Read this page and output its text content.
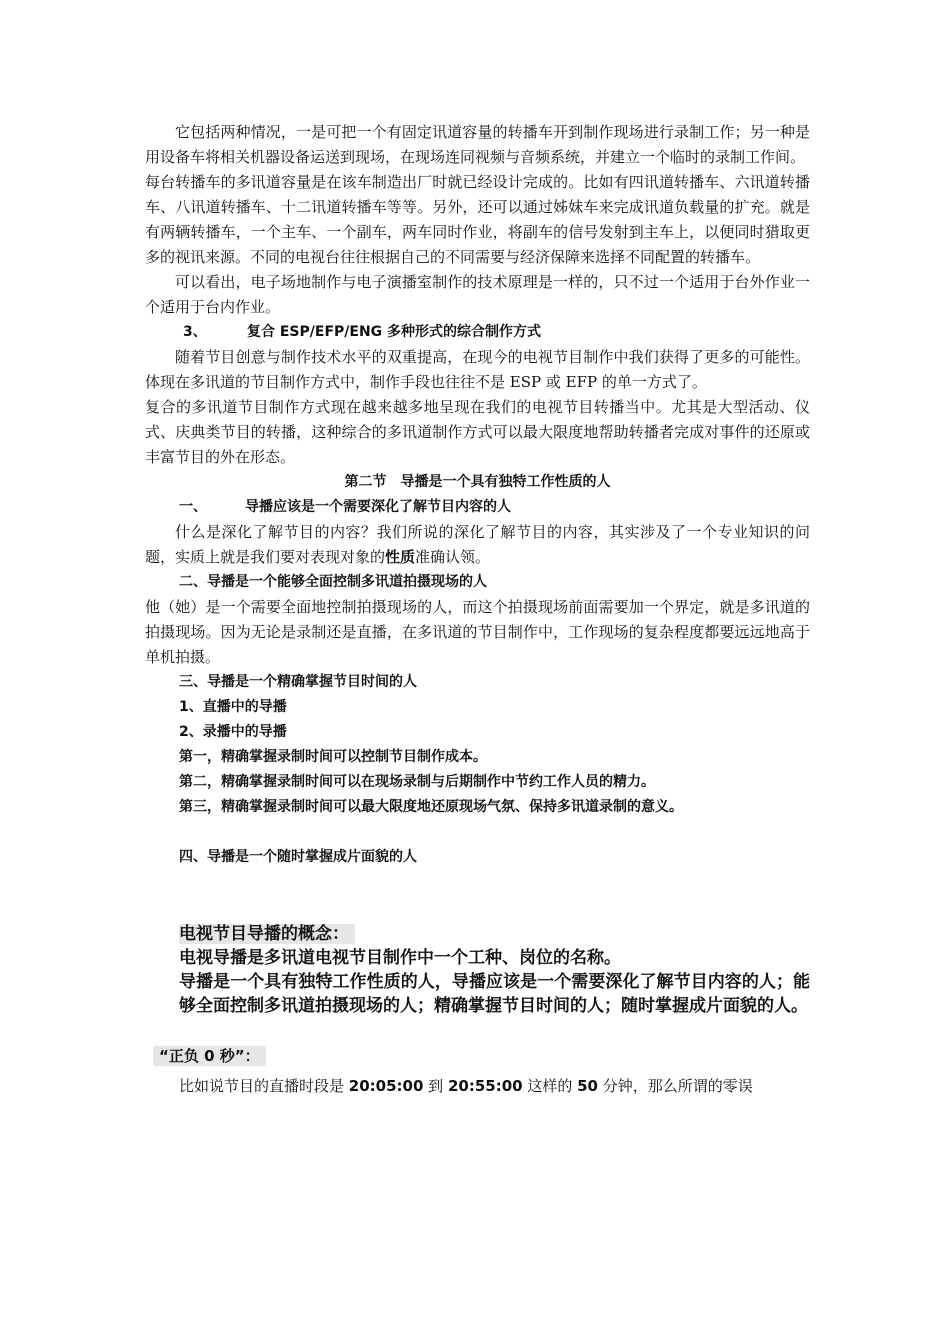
它包括两种情况，一是可把一个有固定讯道容量的转播车开到制作现场进行录制工作；另一种是用设备车将相关机器设备运送到现场，在现场连同视频与音频系统，并建立一个临时的录制工作间。

每台转播车的多讯道容量是在该车制造出厂时就已经设计完成的。比如有四讯道转播车、六讯道转播车、八讯道转播车、十二讯道转播车等等。另外，还可以通过姊妹车来完成讯道负载量的扩充。就是有两辆转播车，一个主车、一个副车，两车同时作业，将副车的信号发射到主车上，以便同时猎取更多的视讯来源。不同的电视台往往根据自己的不同需要与经济保障来选择不同配置的转播车。

可以看出，电子场地制作与电子演播室制作的技术原理是一样的，只不过一个适用于台外作业一个适用于台内作业。

3、	复合 ESP/EFP/ENG 多种形式的综合制作方式

随着节目创意与制作技术水平的双重提高，在现今的电视节目制作中我们获得了更多的可能性。体现在多讯道的节目制作方式中，制作手段也往往不是 ESP 或 EFP 的单一方式了。

复合的多讯道节目制作方式现在越来越多地呈现在我们的电视节目转播当中。尤其是大型活动、仪式、庆典类节目的转播，这种综合的多讯道制作方式可以最大限度地帮助转播者完成对事件的还原或丰富节目的外在形态。

第二节　导播是一个具有独特工作性质的人

一、	导播应该是一个需要深化了解节目内容的人

什么是深化了解节目的内容？我们所说的深化了解节目的内容，其实涉及了一个专业知识的问题，实质上就是我们要对表现对象的性质准确认领。

二、导播是一个能够全面控制多讯道拍摄现场的人

他（她）是一个需要全面地控制拍摄现场的人，而这个拍摄现场前面需要加一个界定，就是多讯道的拍摄现场。因为无论是录制还是直播，在多讯道的节目制作中，工作现场的复杂程度都要远远地高于单机拍摄。

三、导播是一个精确掌握节目时间的人

1、直播中的导播

2、录播中的导播

第一，精确掌握录制时间可以控制节目制作成本。

第二，精确掌握录制时间可以在现场录制与后期制作中节约工作人员的精力。

第三，精确掌握录制时间可以最大限度地还原现场气氛、保持多讯道录制的意义。

四、导播是一个随时掌握成片面貌的人

电视节目导播的概念：

电视导播是多讯道电视节目制作中一个工种、岗位的名称。

导播是一个具有独特工作性质的人，导播应该是一个需要深化了解节目内容的人；能够全面控制多讯道拍摄现场的人；精确掌握节目时间的人；随时掌握成片面貌的人。

“正负 0 秒”：

比如说节目的直播时段是 20:05:00 到 20:55:00 这样的 50 分钟，那么所谓的零误
